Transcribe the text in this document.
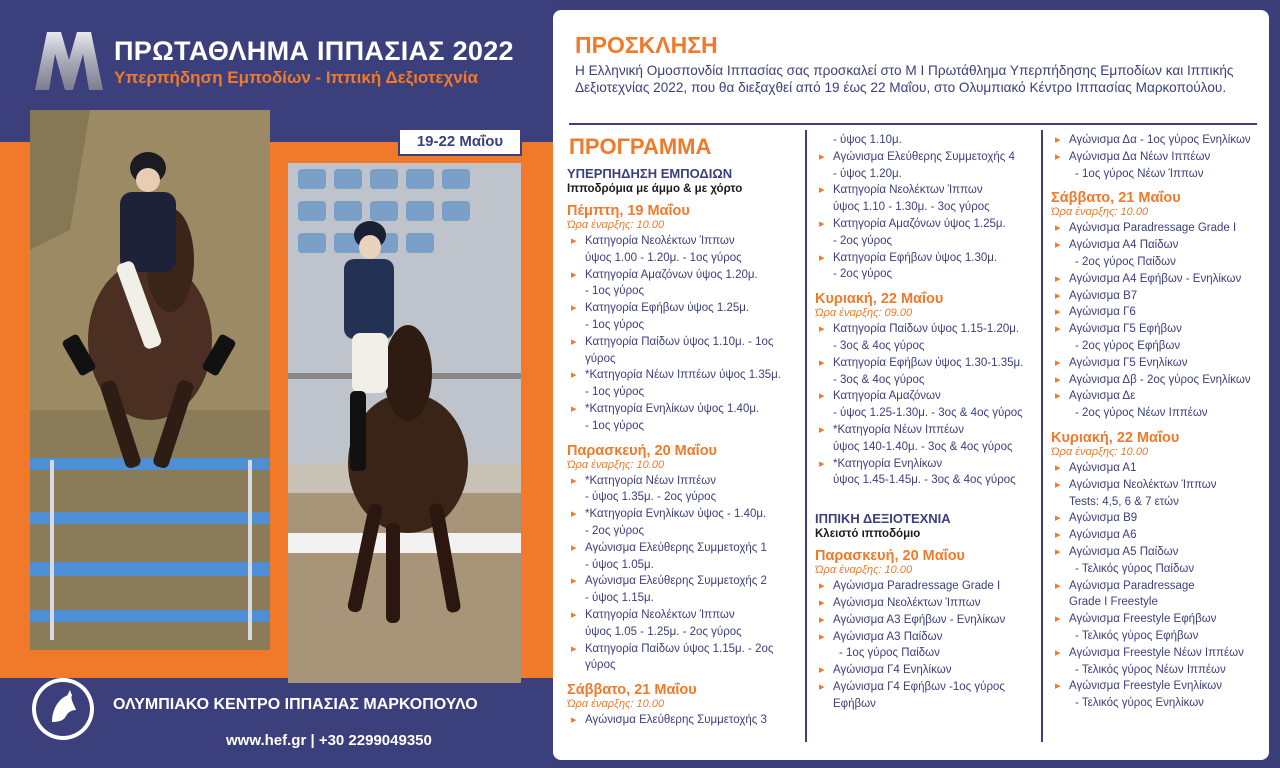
ΠΡΩΤΑΘΛΗΜΑ ΙΠΠΑΣΙΑΣ 2022
Υπερπήδηση Εμποδίων - Ιππική Δεξιοτεχνία
19-22 Μαΐου
ΟΛΥΜΠΙΑΚΟ ΚΕΝΤΡΟ ΙΠΠΑΣΙΑΣ ΜΑΡΚΟΠΟΥΛΟ
www.hef.gr | +30 2299049350
ΠΡΟΣΚΛΗΣΗ
Η Ελληνική Ομοσπονδία Ιππασίας σας προσκαλεί στο Μ Ι Πρωτάθλημα Υπερπήδησης Εμποδίων και Ιππικής Δεξιοτεχνίας 2022, που θα διεξαχθεί από 19 έως 22 Μαΐου, στο Ολυμπιακό Κέντρο Ιππασίας Μαρκοπούλου.
ΠΡΟΓΡΑΜΜΑ
ΥΠΕΡΠΗΔΗΣΗ ΕΜΠΟΔΙΩΝ
Ιπποδρόμια με άμμο & με χόρτο
Πέμπτη, 19 Μαΐου
Ώρα έναρξης: 10.00
▸ Κατηγορία Νεολέκτων Ίππων
ύψος 1.00 - 1.20μ. - 1ος γύρος
▸ Κατηγορία Αμαζόνων ύψος 1.20μ.
- 1ος γύρος
▸ Κατηγορία Εφήβων ύψος 1.25μ.
- 1ος γύρος
▸ Κατηγορία Παίδων ύψος 1.10μ. - 1ος γύρος
▸ *Κατηγορία Νέων Ιππέων ύψος 1.35μ.
- 1ος γύρος
▸ *Κατηγορία Ενηλίκων ύψος 1.40μ.
- 1ος γύρος
Παρασκευή, 20 Μαΐου
Ώρα έναρξης: 10.00
▸ *Κατηγορία Νέων Ιππέων
- ύψος 1.35μ. - 2ος γύρος
▸ *Κατηγορία Ενηλίκων ύψος - 1.40μ.
- 2ος γύρος
▸ Αγώνισμα Ελεύθερης Συμμετοχής 1
- ύψος 1.05μ.
▸ Αγώνισμα Ελεύθερης Συμμετοχής 2
- ύψος 1.15μ.
▸ Κατηγορία Νεολέκτων Ίππων
ύψος 1.05 - 1.25μ. - 2ος γύρος
▸ Κατηγορία Παίδων ύψος 1.15μ. - 2ος γύρος
Σάββατο, 21 Μαΐου
Ώρα έναρξης: 10.00
▸ Αγώνισμα Ελεύθερης Συμμετοχής 3
- ύψος 1.10μ.
▸ Αγώνισμα Ελεύθερης Συμμετοχής 4
- ύψος 1.20μ.
▸ Κατηγορία Νεολέκτων Ίππων
ύψος 1.10 - 1.30μ. - 3ος γύρος
▸ Κατηγορία Αμαζόνων ύψος 1.25μ.
- 2ος γύρος
▸ Κατηγορία Εφήβων ύψος 1.30μ.
- 2ος γύρος
Κυριακή, 22 Μαΐου
Ώρα έναρξης: 09.00
▸ Κατηγορία Παίδων ύψος 1.15-1.20μ.
- 3ος & 4ος γύρος
▸ Κατηγορία Εφήβων ύψος 1.30-1.35μ.
- 3ος & 4ος γύρος
▸ Κατηγορία Αμαζόνων
- ύψος 1.25-1.30μ. - 3ος & 4ος γύρος
▸ *Κατηγορία Νέων Ιππέων
ύψος 140-1.40μ. - 3ος & 4ος γύρος
▸ *Κατηγορία Ενηλίκων
ύψος 1.45-1.45μ. - 3ος & 4ος γύρος
ΙΠΠΙΚΗ ΔΕΞΙΟΤΕΧΝΙΑ
Κλειστό ιπποδόμιο
Παρασκευή, 20 Μαΐου
Ώρα έναρξης: 10.00
▸ Αγώνισμα Paradressage Grade I
▸ Αγώνισμα Νεολέκτων Ίππων
▸ Αγώνισμα Α3 Εφήβων - Ενηλίκων
▸ Αγώνισμα Α3 Παίδων
- 1ος γύρος Παίδων
▸ Αγώνισμα Γ4 Ενηλίκων
▸ Αγώνισμα Γ4 Εφήβων -1ος γύρος Εφήβων
▸ Αγώνισμα Δα - 1ος γύρος Ενηλίκων
▸ Αγώνισμα Δα Νέων Ιππέων
- 1ος γύρος Νέων Ίππων
Σάββατο, 21 Μαΐου
Ώρα έναρξης: 10.00
▸ Αγώνισμα Paradressage Grade I
▸ Αγώνισμα Α4 Παίδων
- 2ος γύρος Παίδων
▸ Αγώνισμα Α4 Εφήβων - Ενηλίκων
▸ Αγώνισμα Β7
▸ Αγώνισμα Γ6
▸ Αγώνισμα Γ5 Εφήβων
- 2ος γύρος Εφήβων
▸ Αγώνισμα Γ5 Ενηλίκων
▸ Αγώνισμα Δβ - 2ος γύρος Ενηλίκων
▸ Αγώνισμα Δε
- 2ος γύρος Νέων Ιππέων
Κυριακή, 22 Μαΐου
Ώρα έναρξης: 10.00
▸ Αγώνισμα Α1
▸ Αγώνισμα Νεολέκτων Ίππων
Tests: 4,5, 6 & 7 ετών
▸ Αγώνισμα Β9
▸ Αγώνισμα Α6
▸ Αγώνισμα Α5 Παίδων
- Τελικός γύρος Παίδων
▸ Αγώνισμα Paradressage
Grade I Freestyle
▸ Αγώνισμα Freestyle Εφήβων
- Τελικός γύρος Εφήβων
▸ Αγώνισμα Freestyle Νέων Ιππέων
- Τελικός γύρος Νέων Ιππέων
▸ Αγώνισμα Freestyle Ενηλίκων
- Τελικός γύρος Ενηλίκων
